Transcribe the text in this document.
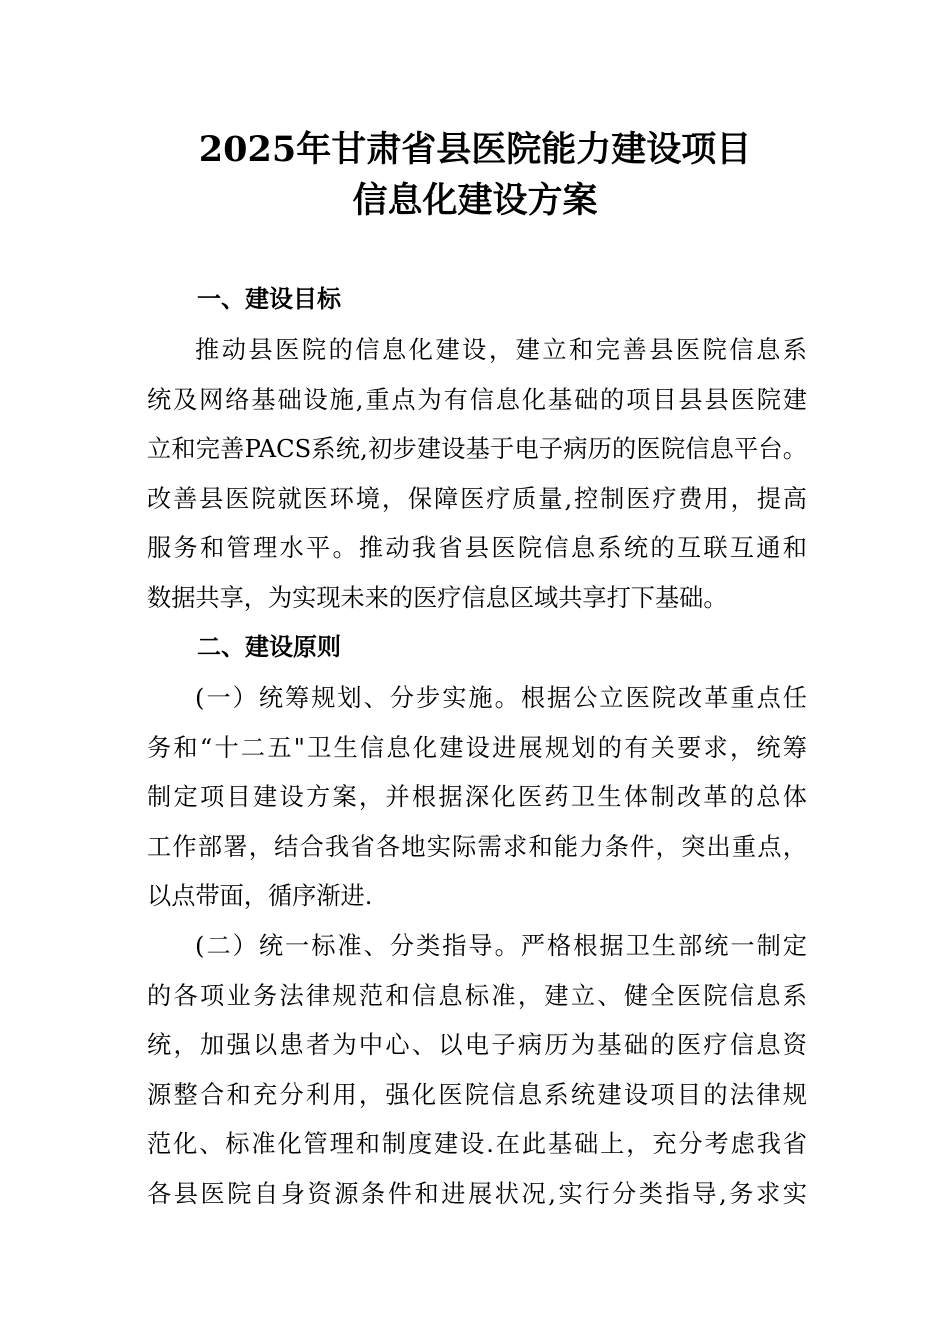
2025年甘肃省县医院能力建设项目
信息化建设方案
一、建设目标
推动县医院的信息化建设，建立和完善县医院信息系
统及网络基础设施,重点为有信息化基础的项目县县医院建
立和完善PACS系统,初步建设基于电子病历的医院信息平台。
改善县医院就医环境，保障医疗质量,控制医疗费用，提高
服务和管理水平。推动我省县医院信息系统的互联互通和
数据共享，为实现未来的医疗信息区域共享打下基础。
二、建设原则
(一）统筹规划、分步实施。根据公立医院改革重点任
务和“十二五"卫生信息化建设进展规划的有关要求，统筹
制定项目建设方案，并根据深化医药卫生体制改革的总体
工作部署，结合我省各地实际需求和能力条件，突出重点，
以点带面，循序渐进.
(二）统一标准、分类指导。严格根据卫生部统一制定
的各项业务法律规范和信息标准，建立、健全医院信息系
统，加强以患者为中心、以电子病历为基础的医疗信息资
源整合和充分利用，强化医院信息系统建设项目的法律规
范化、标准化管理和制度建设.在此基础上，充分考虑我省
各县医院自身资源条件和进展状况,实行分类指导,务求实
